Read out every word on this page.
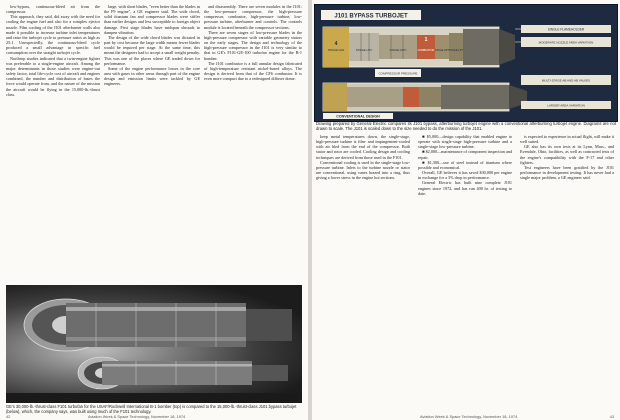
low-bypass, continuous-bleed air from the compressor.

This approach, they said, did away with the need for cooling the engine fuel and also for a complex ejector nozzle. Film cooling of the J101 afterburner walls also made it possible to increase turbine inlet temperatures and raise the turbojet cycle to pressure ratios as high as 25:1. Unexpectedly, the continuous-bleed cycle produced a small advantage in specific fuel consumption over the straight turbojet cycle.

Northrop studies indicated that a twin-engine fighter was preferable to a single-engine aircraft. Among the major determinants in those studies were engine-out safety factor, total life-cycle cost of aircraft and engines combined, the number and distribution of bases the force would operate from, and the nature of the mission the aircraft would be flying in the 15,000-lb.-thrust class.

large, with short blades, "even better than the blades in the F9 engine", a GE engineer said. The wide chord, solid titanium fan and compressor blades were stiffer than earlier designs and less susceptible to foreign object damage. First stage blades have midspan shrouds to dampen vibration.

The design of the wide chord blades was dictated in part by cost because the large width means fewer blades would be required per stage. At the same time, this meant the designers had to accept a small weight penalty. This was one of the places where GE traded down for performance.

Some of the engine performance losses in the core area with gases in other areas through part of the engine design and emission limits were tackled by GE engineers.

and disassembly. There are seven modules in the J101: the low-pressure compressor, the high-pressure compressor, combustor, high-pressure turbine, low-pressure turbine, afterburner and controls. The controls module is located beneath the compressor sections.

There are seven stages of low-pressure blades in the high-pressure compressor with variable geometry stators on the early stages. The design and technology of the high-pressure compressor in the J101 is very similar to that in GE's F101-GE-100 turbofan engine for the B-1 bomber.

The J101 combustor is a full annular design fabricated of high-temperature resistant nickel-based alloys. The design is derived from that of the CF6 combustor. It is even more compact due to a redesigned diffuser dome.

GE's 30,000-lb.-thrust-class F101 turbofan for the USAF/Rockwell International B-1 bomber (top) is compared to the 15,000-lb.-thrust-class J101 bypass turbojet (below), which, the company says, was built using much of the F101 technology.
42	Aviation Week & Space Technology, November 18, 1974
J101 BYPASS TURBOJET
4
STAGE FAN	STAGE LPC	STAGE HPC
1
COMBUSTOR STAGE HPT STAGE LPT
COMPRESSOR PRESSURE
SINGLE FLAMEHOLDER
MODERATE NOZZLE AREA VARIATION
MULTI-STAGE AB AND AB VALVES
LARGER AREA VARIATION
CONVENTIONAL DESIGN
Drawing prepared by General Electric compares its J101 bypass, afterburning turbojet engine with a conventional afterburning turbojet engine. Diagrams are not drawn to scale. The J101 is scaled down to the size needed to do the mission of the J101.

keep metal temperatures down, the single-stage, high-pressure turbine is film- and impingement-cooled with air bled from the end of the compressor. Both stator and rotor are cooled. Cooling design and cooling techniques are derived from those used in the F101.

Conventional cooling is used in the single-stage low-pressure turbine. Inlets to the turbine nozzle or stator are conventional, using vanes brazed into a ring, thus giving a lower stress in the engine hot sections.

■ $5,000—design capability that enabled engine to operate with single-stage high-pressure turbine and a single-stage low-pressure turbine.

■ $2,000—maintenance of component inspection and repair.

■ $1,300—use of steel instead of titanium where possible and economical.

Overall, GE believes it has saved $30,000 per engine in exchange for a 3% drop in performance.

General Electric has built nine complete J101 engines since 1972, and has run 400 hr. of testing to date.

is expected to experience in actual flight, will make it well suited.

GE also has its own tests at its Lynn, Mass., and Evendale, Ohio, facilities, as well as contracted tests of the engine's compatibility with the F-17 and other fighters.

Test engineers have been gratified by the J101 performance in development testing. It has never had a single major problem, a GE engineer said.

Aviation Week & Space Technology, November 18, 1974	43
